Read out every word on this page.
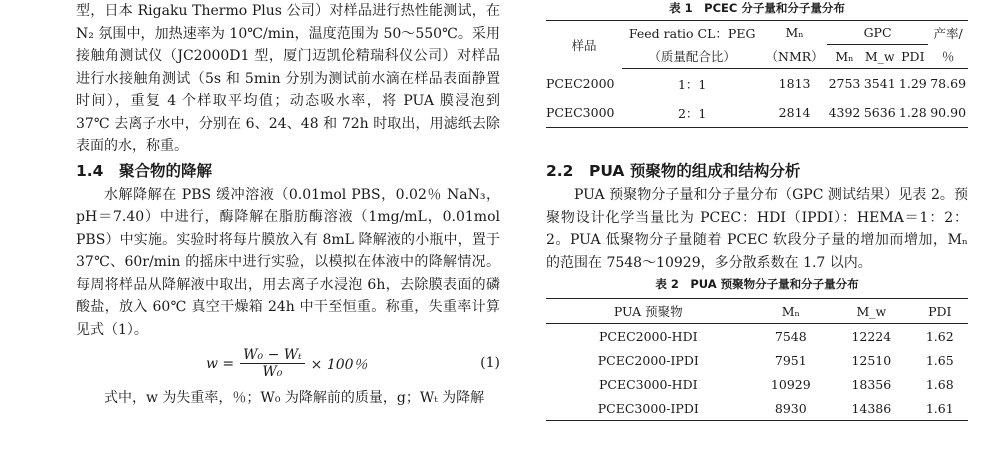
型，日本 Rigaku Thermo Plus 公司）对样品进行热性能测试，在 N₂ 氛围中，加热速率为 10℃/min，温度范围为 50～550℃。采用接触角测试仪（JC2000D1 型，厦门迈凯伦精瑞科仪公司）对样品进行水接触角测试（5s 和 5min 分别为测试前水滴在样品表面静置时间），重复 4 个样取平均值；动态吸水率，将 PUA 膜浸泡到 37℃ 去离子水中，分别在 6、24、48 和 72h 时取出，用滤纸去除表面的水，称重。

1.4　聚合物的降解

水解降解在 PBS 缓冲溶液（0.01mol PBS，0.02％ NaN₃，pH＝7.40）中进行，酶降解在脂肪酶溶液（1mg/mL，0.01mol PBS）中实施。实验时将每片膜放入有 8mL 降解液的小瓶中，置于 37℃、60r/min 的摇床中进行实验，以模拟在体液中的降解情况。每周将样品从降解液中取出，用去离子水浸泡 6h，去除膜表面的磷酸盐，放入 60℃ 真空干燥箱 24h 中干至恒重。称重，失重率计算见式（1）。

$w = \frac{\text{W₀ − Wₜ}}{\text{W₀}} \times 100$％	(1)

式中，w 为失重率，％；W₀ 为降解前的质量，g；Wₜ 为降解

表 1　PCEC 分子量和分子量分布

样品	Feed ratio CL：PEG	Mₙ	GPC			产率/
	（质量配合比）	（NMR）	Mₙ	M_w	PDI	％
PCEC2000	1：1	1813	2753	3541	1.29	78.69
PCEC3000	2：1	2814	4392	5636	1.28	90.90

2.2　PUA 预聚物的组成和结构分析

PUA 预聚物分子量和分子量分布（GPC 测试结果）见表 2。预聚物设计化学当量比为 PCEC：HDI（IPDI）：HEMA＝1：2：2。PUA 低聚物分子量随着 PCEC 软段分子量的增加而增加，Mₙ 的范围在 7548～10929，多分散系数在 1.7 以内。

表 2　PUA 预聚物分子量和分子量分布

PUA 预聚物	Mₙ	M_w	PDI
PCEC2000-HDI	7548	12224	1.62
PCEC2000-IPDI	7951	12510	1.65
PCEC3000-HDI	10929	18356	1.68
PCEC3000-IPDI	8930	14386	1.61
